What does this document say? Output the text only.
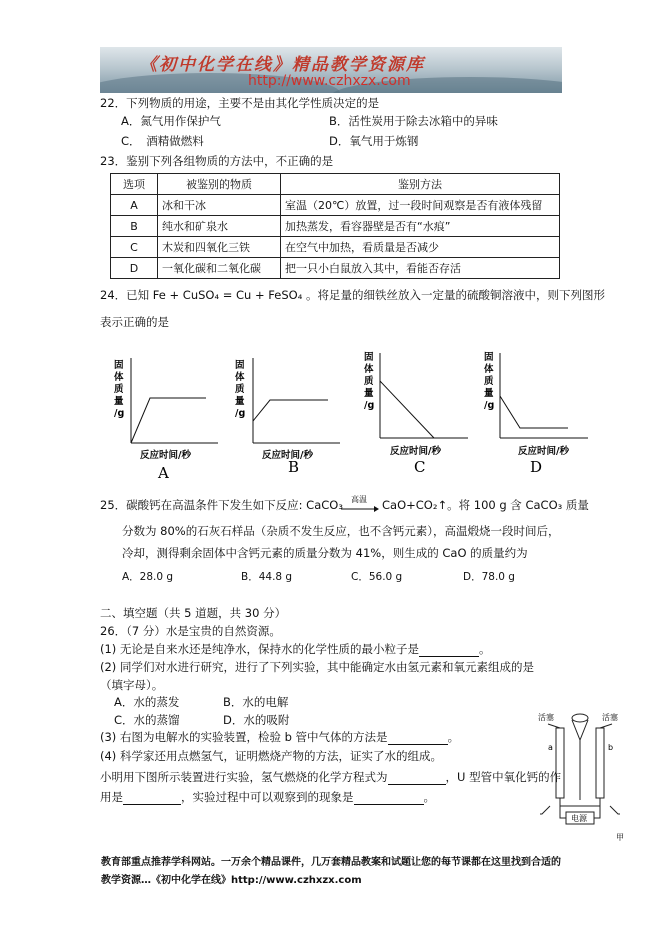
《初中化学在线》精品教学资源库
http://www.czhxzx.com
22．下列物质的用途，主要不是由其化学性质决定的是
A．氮气用作保护气	B．活性炭用于除去冰箱中的异味
C．　酒精做燃料	D．氧气用于炼钢
23．鉴别下列各组物质的方法中，不正确的是
选项	被鉴别的物质	鉴别方法
A	冰和干冰	室温（20℃）放置，过一段时间观察是否有液体残留
B	纯水和矿泉水	加热蒸发，看容器壁是否有“水痕”
C	木炭和四氧化三铁	在空气中加热，看质量是否减少
D	一氧化碳和二氧化碳	把一只小白鼠放入其中，看能否存活
24．已知 Fe + CuSO₄ = Cu + FeSO₄ 。将足量的细铁丝放入一定量的硫酸铜溶液中，则下列图形
表示正确的是
固
体
质
量
/g
反应时间/秒
固
体
质
量
/g
反应时间/秒
固
体
质
量
/g
反应时间/秒
固
体
质
量
/g
反应时间/秒
A	B	C	D
25．碳酸钙在高温条件下发生如下反应: CaCO₃ 高温 → CaO+CO₂↑。将 100 g 含 CaCO₃ 质量
分数为 80%的石灰石样品（杂质不发生反应，也不含钙元素），高温煅烧一段时间后，
冷却，测得剩余固体中含钙元素的质量分数为 41%，则生成的 CaO 的质量约为
A．28.0 g	B．44.8 g	C．56.0 g	D．78.0 g
二、填空题（共 5 道题，共 30 分）
26．（7 分）水是宝贵的自然资源。
(1) 无论是自来水还是纯净水，保持水的化学性质的最小粒子是	。
(2) 同学们对水进行研究，进行了下列实验，其中能确定水由氢元素和氧元素组成的是
（填字母）。
A．水的蒸发	B．水的电解
C．水的蒸馏	D．水的吸附
(3) 右图为电解水的实验装置，检验 b 管中气体的方法是	。
(4) 科学家还用点燃氢气，证明燃烧产物的方法，证实了水的组成。
小明用下图所示装置进行实验，氢气燃烧的化学方程式为	，U 型管中氧化钙的作
用是	，实验过程中可以观察到的现象是	。
活塞	活塞
a	b
电源
甲
教育部重点推荐学科网站。一万余个精品课件，几万套精品教案和试题让您的每节课都在这里找到合适的
教学资源…《初中化学在线》http://www.czhxzx.com
